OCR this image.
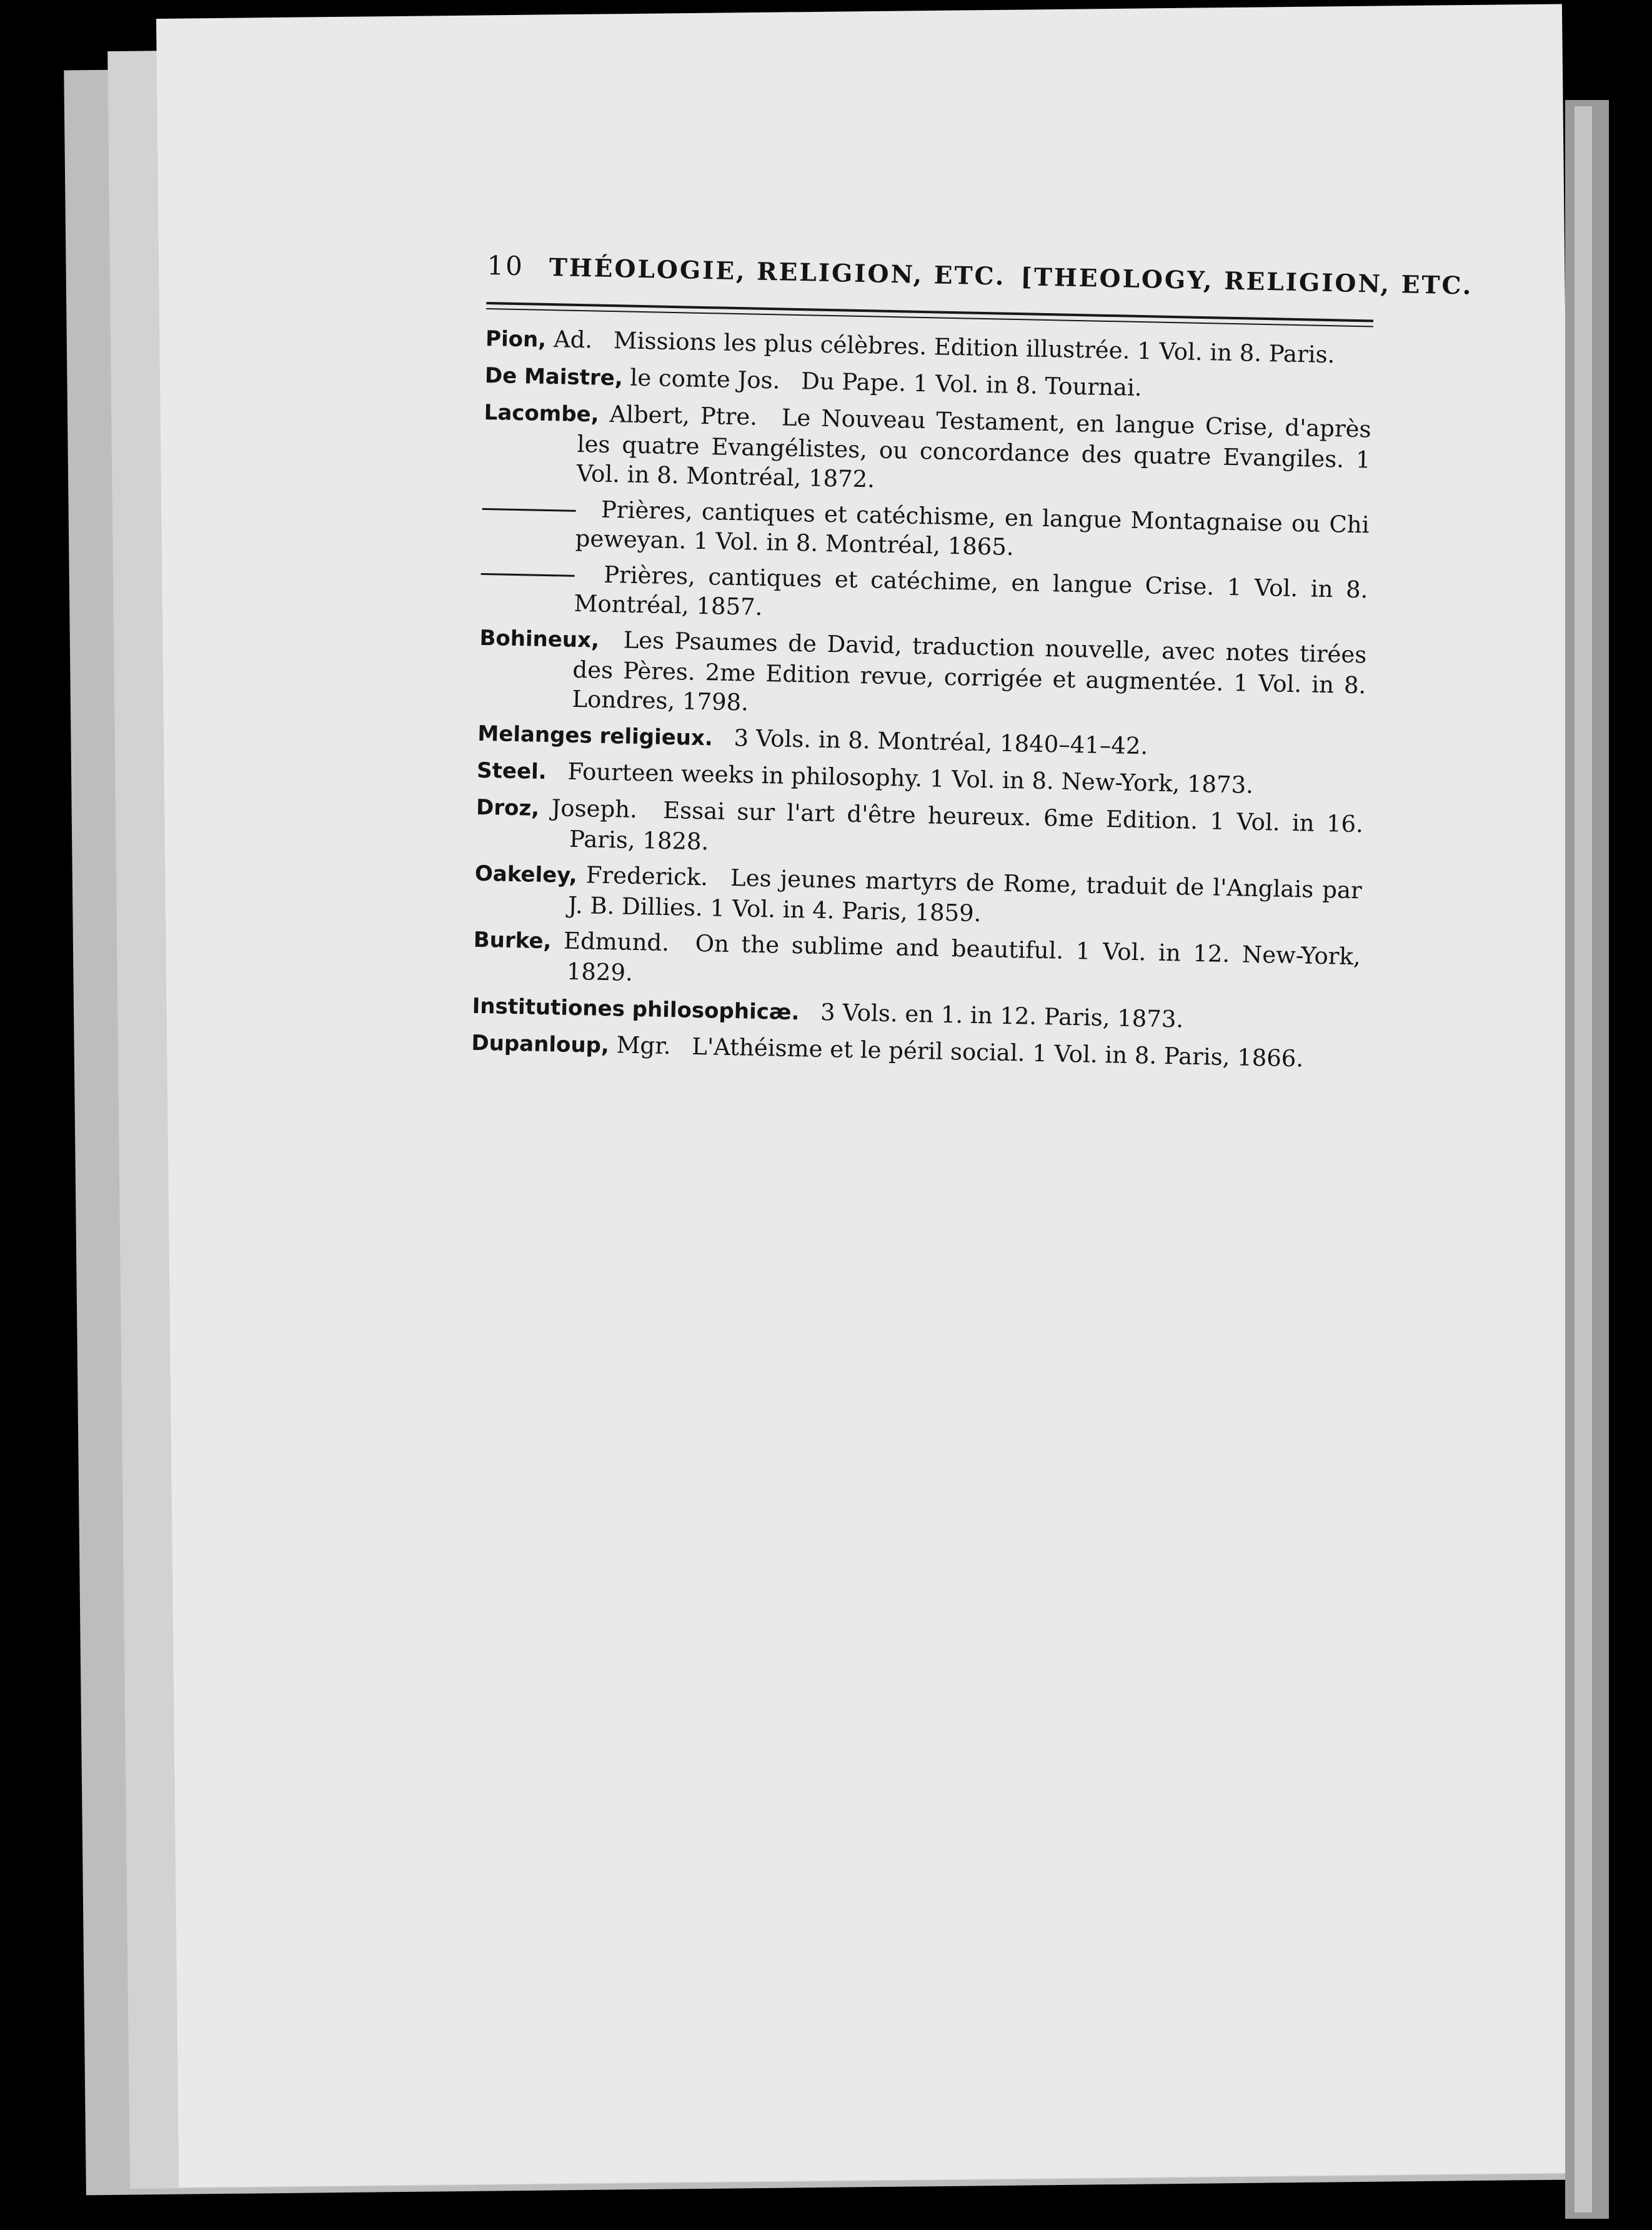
10 THÉOLOGIE, RELIGION, ETC. [THEOLOGY, RELIGION, ETC.
Pion, Ad. Missions les plus célèbres. Edition illustrée. 1 Vol. in 8. Paris.
De Maistre, le comte Jos. Du Pape. 1 Vol. in 8. Tournai.
Lacombe, Albert, Ptre. Le Nouveau Testament, en langue Crise, d'après les quatre Evangélistes, ou concordance des quatre Evangiles. 1 Vol. in 8. Montréal, 1872.
Prières, cantiques et catéchisme, en langue Montagnaise ou Chi peweyan. 1 Vol. in 8. Montréal, 1865.
Prières, cantiques et catéchime, en langue Crise. 1 Vol. in 8. Montréal, 1857.
Bohineux, Les Psaumes de David, traduction nouvelle, avec notes tirées des Pères. 2me Edition revue, corrigée et augmentée. 1 Vol. in 8. Londres, 1798.
Melanges religieux. 3 Vols. in 8. Montréal, 1840–41–42.
Steel. Fourteen weeks in philosophy. 1 Vol. in 8. New-York, 1873.
Droz, Joseph. Essai sur l'art d'être heureux. 6me Edition. 1 Vol. in 16. Paris, 1828.
Oakeley, Frederick. Les jeunes martyrs de Rome, traduit de l'Anglais par J. B. Dillies. 1 Vol. in 4. Paris, 1859.
Burke, Edmund. On the sublime and beautiful. 1 Vol. in 12. New-York, 1829.
Institutiones philosophicæ. 3 Vols. en 1. in 12. Paris, 1873.
Dupanloup, Mgr. L'Athéisme et le péril social. 1 Vol. in 8. Paris, 1866.
